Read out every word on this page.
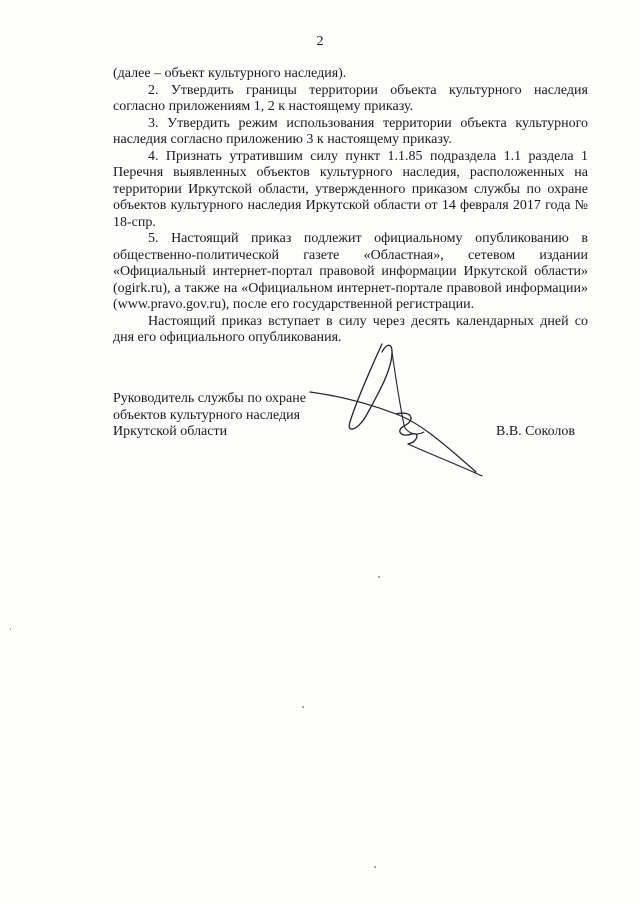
2

(далее – объект культурного наследия).

2. Утвердить границы территории объекта культурного наследия согласно приложениям 1, 2 к настоящему приказу.

3. Утвердить режим использования территории объекта культурного наследия согласно приложению 3 к настоящему приказу.

4. Признать утратившим силу пункт 1.1.85 подраздела 1.1 раздела 1 Перечня выявленных объектов культурного наследия, расположенных на территории Иркутской области, утвержденного приказом службы по охране объектов культурного наследия Иркутской области от 14 февраля 2017 года № 18-спр.

5. Настоящий приказ подлежит официальному опубликованию в общественно-политической газете «Областная», сетевом издании «Официальный интернет-портал правовой информации Иркутской области» (ogirk.ru), а также на «Официальном интернет-портале правовой информации» (www.pravo.gov.ru), после его государственной регистрации.

Настоящий приказ вступает в силу через десять календарных дней со дня его официального опубликования.

Руководитель службы по охране
объектов культурного наследия
Иркутской области	В.В. Соколов
